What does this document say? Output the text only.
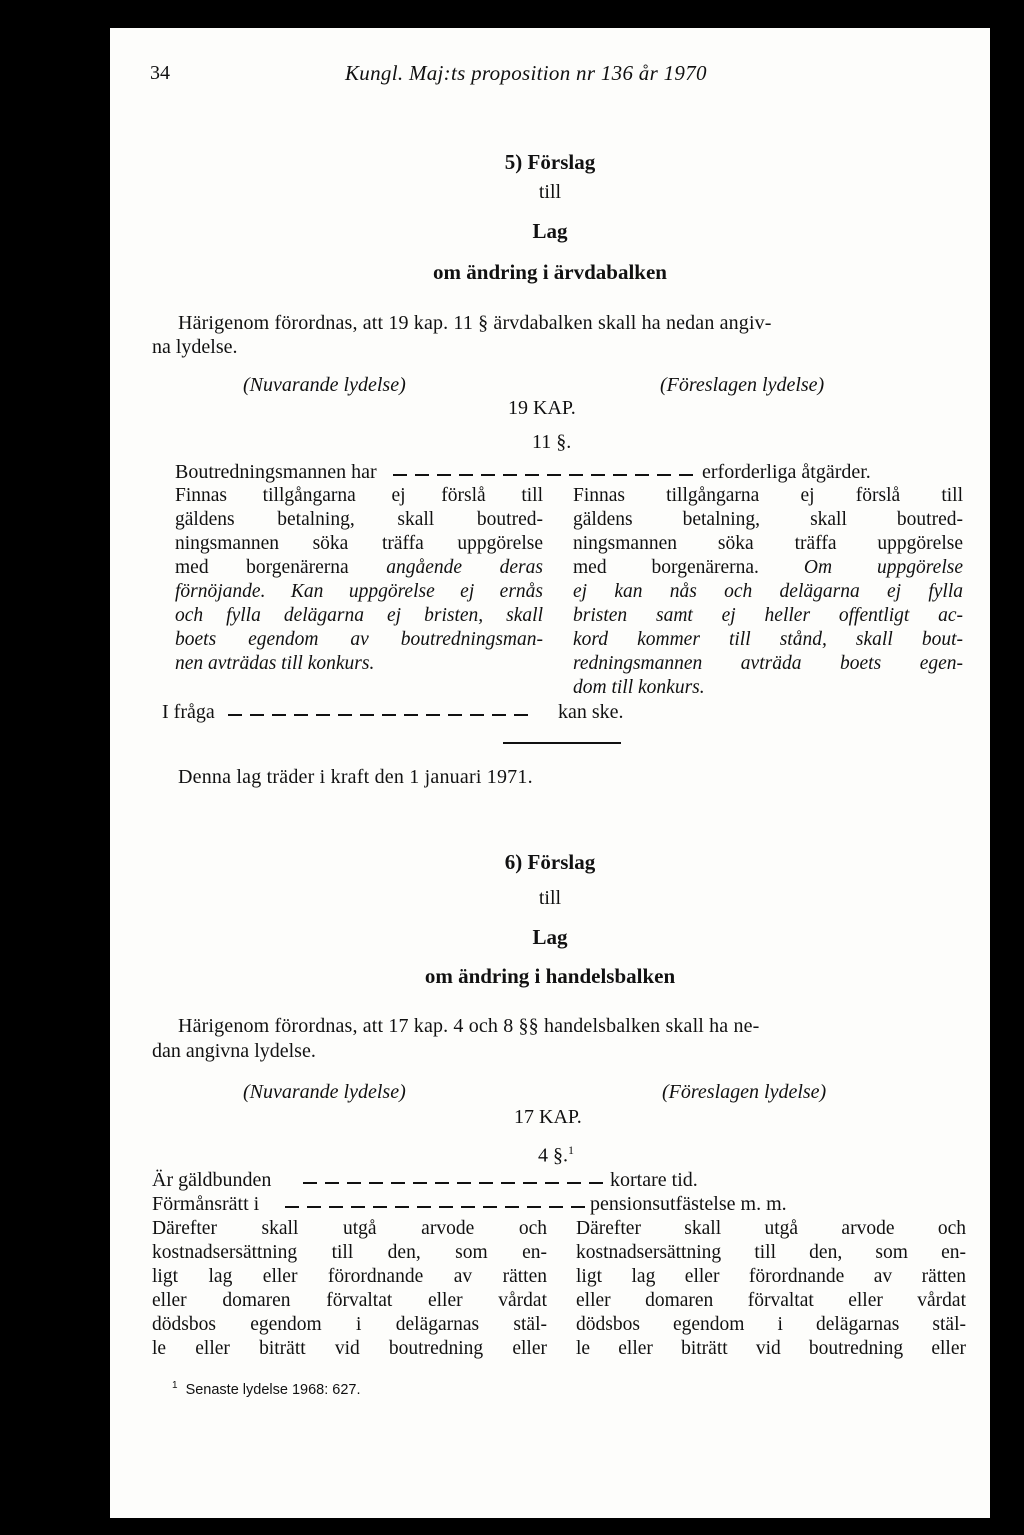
34	Kungl. Maj:ts proposition nr 136 år 1970
5) Förslag
till
Lag
om ändring i ärvdabalken
Härigenom förordnas, att 19 kap. 11 § ärvdabalken skall ha nedan angiv-
na lydelse.
(Nuvarande lydelse)	(Föreslagen lydelse)
19 KAP.
11 §.
Boutredningsmannen har	erforderliga åtgärder.
Finnas tillgångarna ej förslå till
gäldens betalning, skall boutred-
ningsmannen söka träffa uppgörelse
med borgenärerna angående deras
förnöjande. Kan uppgörelse ej ernås
och fylla delägarna ej bristen, skall
boets egendom av boutredningsman-
nen avträdas till konkurs.
Finnas tillgångarna ej förslå till
gäldens betalning, skall boutred-
ningsmannen söka träffa uppgörelse
med borgenärerna. Om uppgörelse
ej kan nås och delägarna ej fylla
bristen samt ej heller offentligt ac-
kord kommer till stånd, skall bout-
redningsmannen avträda boets egen-
dom till konkurs.
I fråga	kan ske.
Denna lag träder i kraft den 1 januari 1971.
6) Förslag
till
Lag
om ändring i handelsbalken
Härigenom förordnas, att 17 kap. 4 och 8 §§ handelsbalken skall ha ne-
dan angivna lydelse.
(Nuvarande lydelse)	(Föreslagen lydelse)
17 KAP.
4 §.$^1$
Är gäldbunden	kortare tid.
Förmånsrätt i	pensionsutfästelse m. m.
Därefter skall utgå arvode och
kostnadsersättning till den, som en-
ligt lag eller förordnande av rätten
eller domaren förvaltat eller vårdat
dödsbos egendom i delägarnas stäl-
le eller biträtt vid boutredning eller
Därefter skall utgå arvode och
kostnadsersättning till den, som en-
ligt lag eller förordnande av rätten
eller domaren förvaltat eller vårdat
dödsbos egendom i delägarnas stäl-
le eller biträtt vid boutredning eller
$^1$ Senaste lydelse 1968: 627.
